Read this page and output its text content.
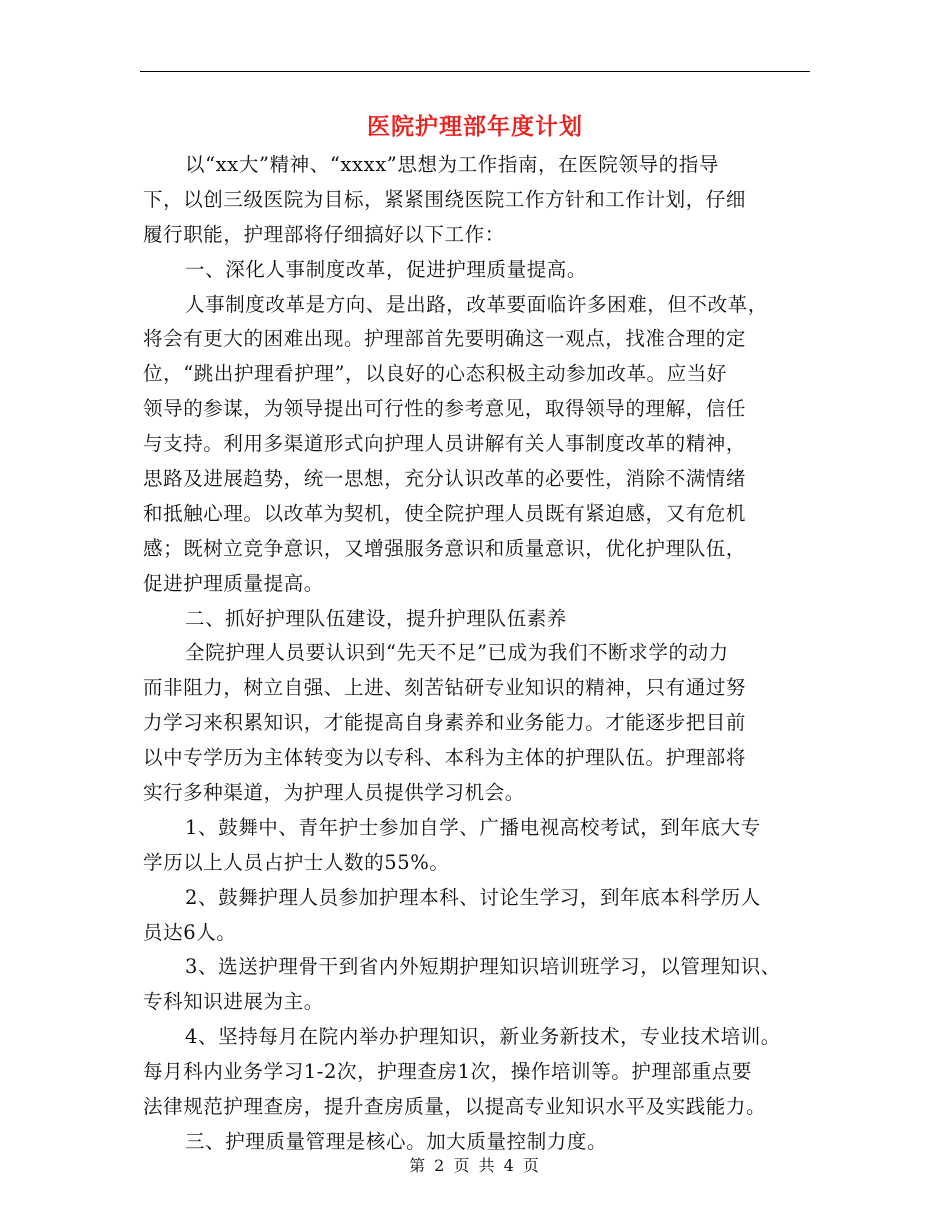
医院护理部年度计划
以“xx大”精神、“xxxx”思想为工作指南，在医院领导的指导
下，以创三级医院为目标，紧紧围绕医院工作方针和工作计划，仔细
履行职能，护理部将仔细搞好以下工作：
一、深化人事制度改革，促进护理质量提高。
人事制度改革是方向、是出路，改革要面临许多困难，但不改革，
将会有更大的困难出现。护理部首先要明确这一观点，找准合理的定
位，“跳出护理看护理”，以良好的心态积极主动参加改革。应当好
领导的参谋，为领导提出可行性的参考意见，取得领导的理解，信任
与支持。利用多渠道形式向护理人员讲解有关人事制度改革的精神，
思路及进展趋势，统一思想，充分认识改革的必要性，消除不满情绪
和抵触心理。以改革为契机，使全院护理人员既有紧迫感，又有危机
感；既树立竞争意识，又增强服务意识和质量意识，优化护理队伍，
促进护理质量提高。
二、抓好护理队伍建设，提升护理队伍素养
全院护理人员要认识到“先天不足”已成为我们不断求学的动力
而非阻力，树立自强、上进、刻苦钻研专业知识的精神，只有通过努
力学习来积累知识，才能提高自身素养和业务能力。才能逐步把目前
以中专学历为主体转变为以专科、本科为主体的护理队伍。护理部将
实行多种渠道，为护理人员提供学习机会。
1、鼓舞中、青年护士参加自学、广播电视高校考试，到年底大专
学历以上人员占护士人数的55%。
2、鼓舞护理人员参加护理本科、讨论生学习，到年底本科学历人
员达6人。
3、选送护理骨干到省内外短期护理知识培训班学习，以管理知识、
专科知识进展为主。
4、坚持每月在院内举办护理知识，新业务新技术，专业技术培训。
每月科内业务学习1-2次，护理查房1次，操作培训等。护理部重点要
法律规范护理查房，提升查房质量，以提高专业知识水平及实践能力。
三、护理质量管理是核心。加大质量控制力度。
第 2 页 共 4 页
